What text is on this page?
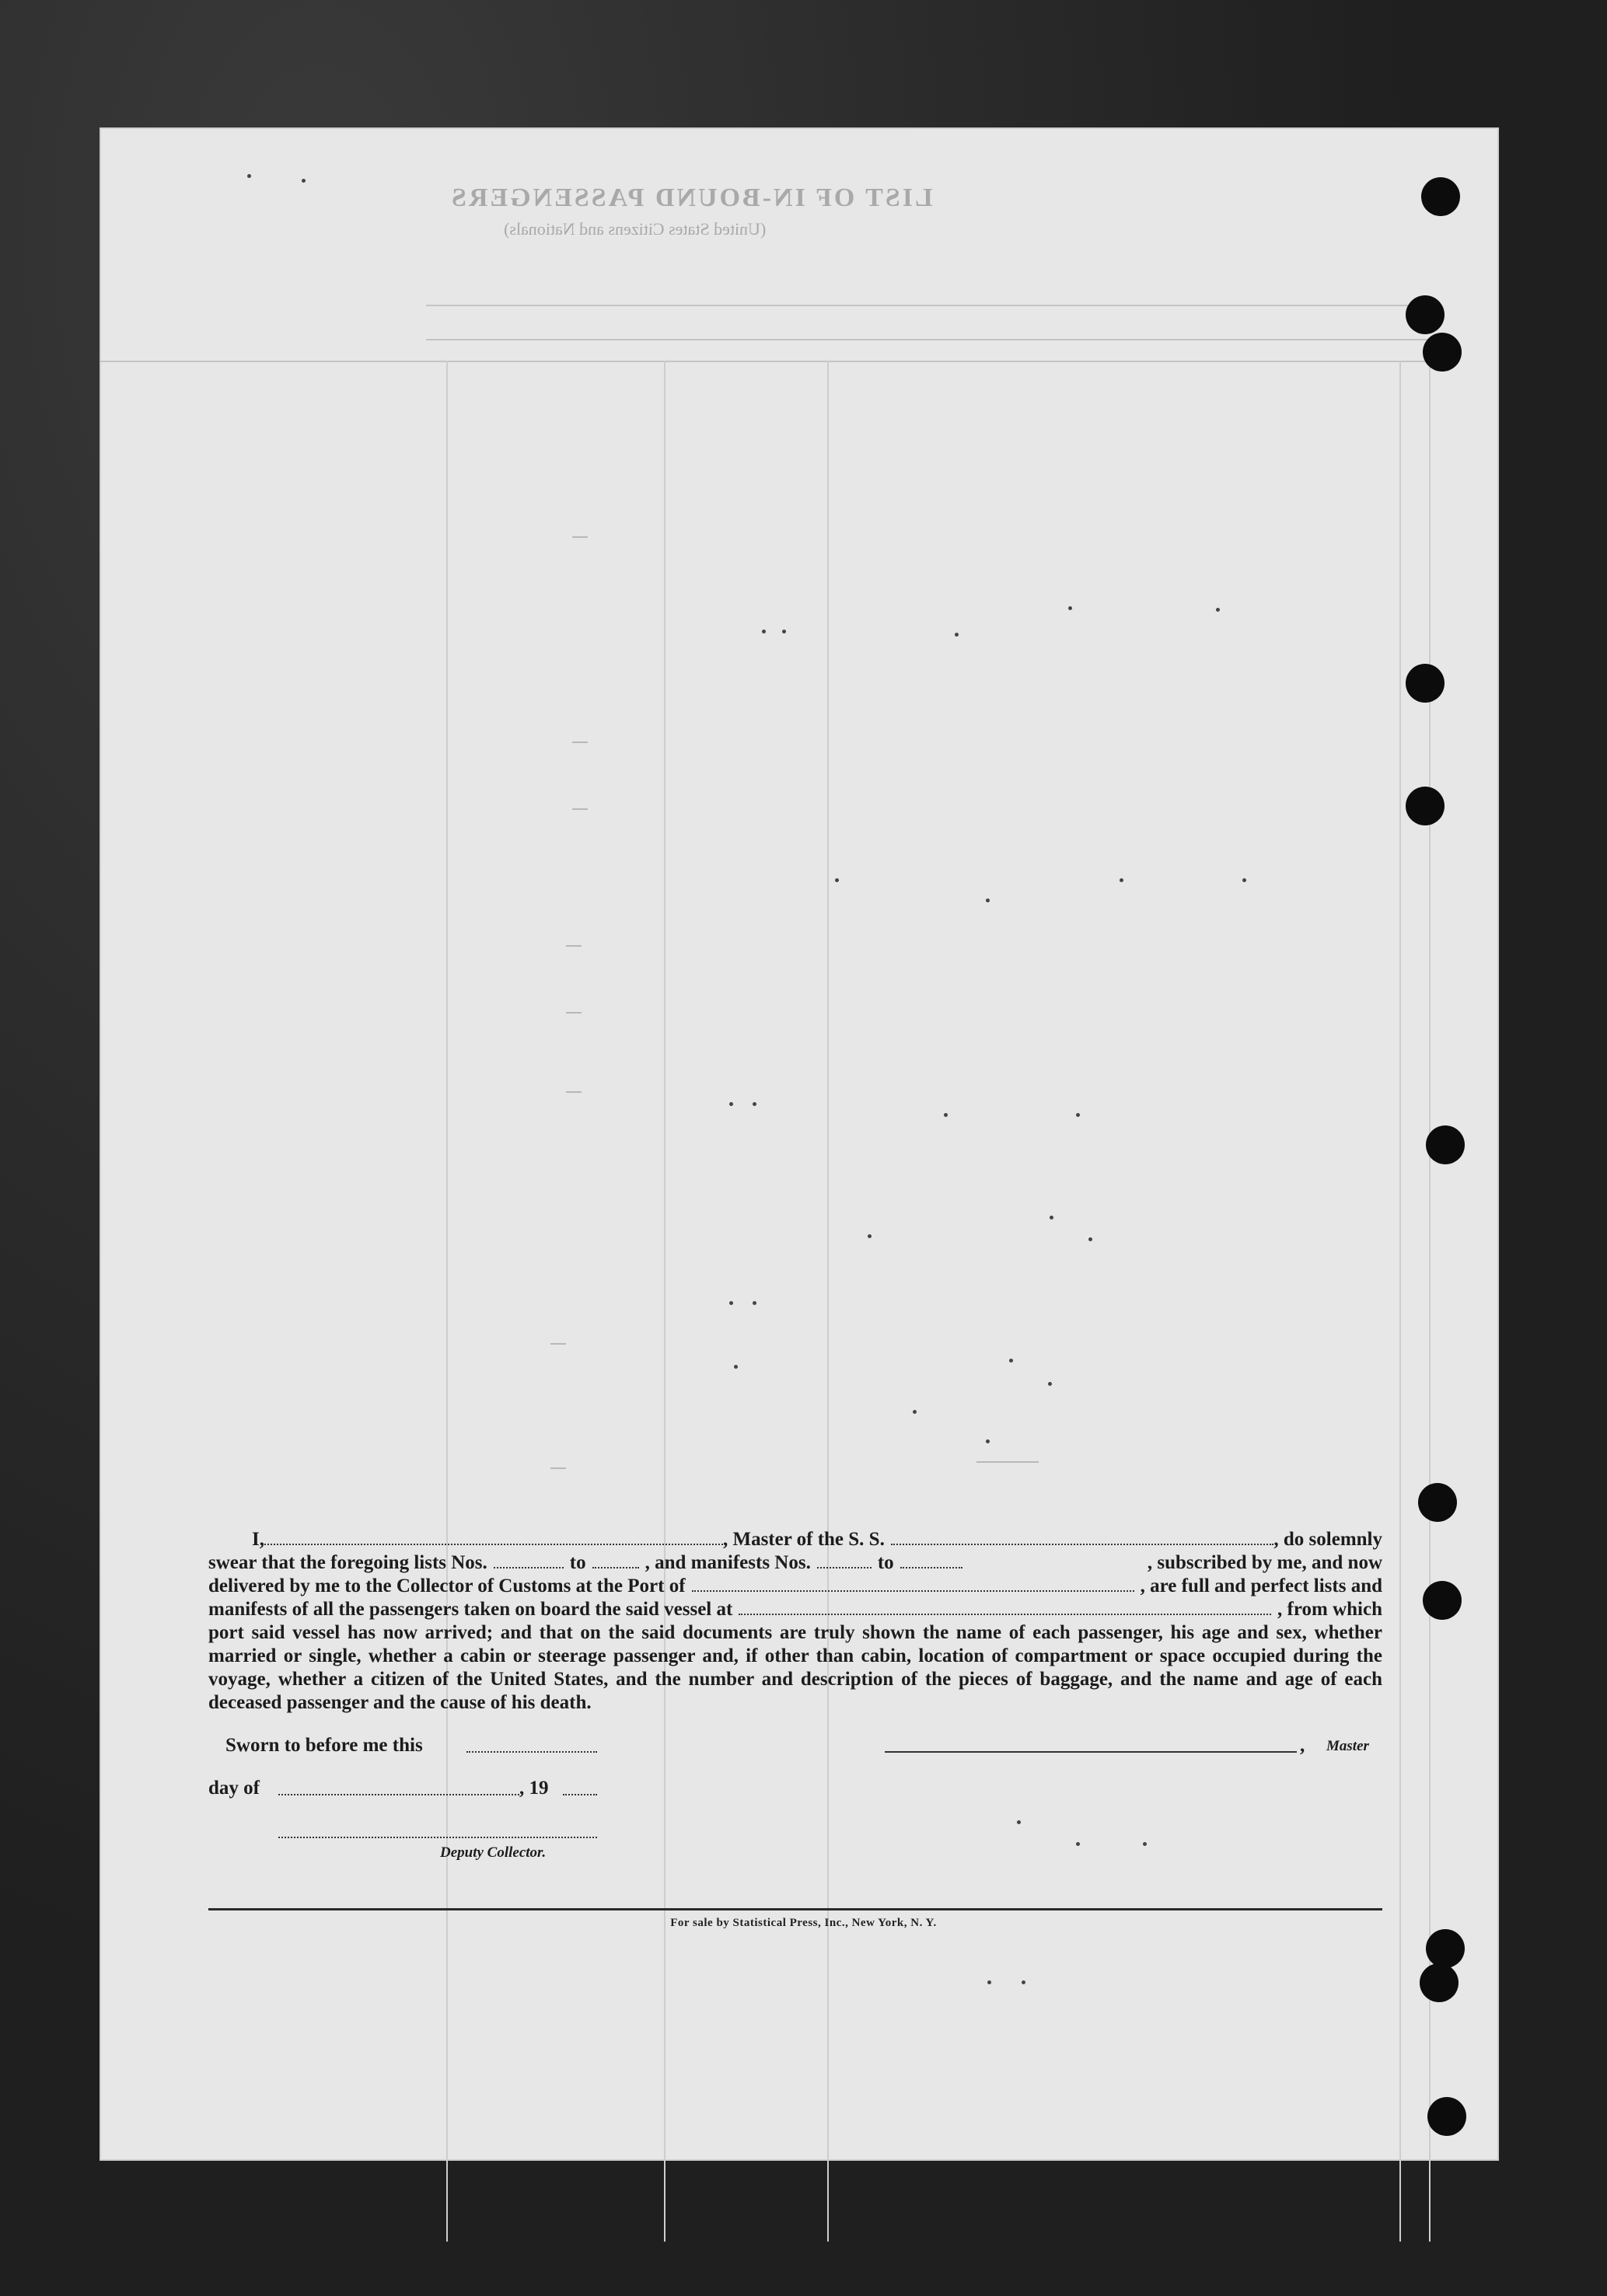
LIST OF IN-BOUND PASSENGERS
(United States Citizens and Nationals)
I,	, Master of the S. S.	, do solemnly
swear that the foregoing lists Nos.	to	, and manifests Nos.	to	, subscribed by me, and now
delivered by me to the Collector of Customs at the Port of	, are full and perfect lists and
manifests of all the passengers taken on board the said vessel at	, from which
port said vessel has now arrived; and that on the said documents are truly shown the name of each passenger, his age and sex, whether married or single, whether a cabin or steerage passenger and, if other than cabin, location of compartment or space occupied during the voyage, whether a citizen of the United States, and the number and description of the pieces of baggage, and the name and age of each deceased passenger and the cause of his death.
Sworn to before me this	, Master
day of	, 19
Deputy Collector.
For sale by Statistical Press, Inc., New York, N. Y.
